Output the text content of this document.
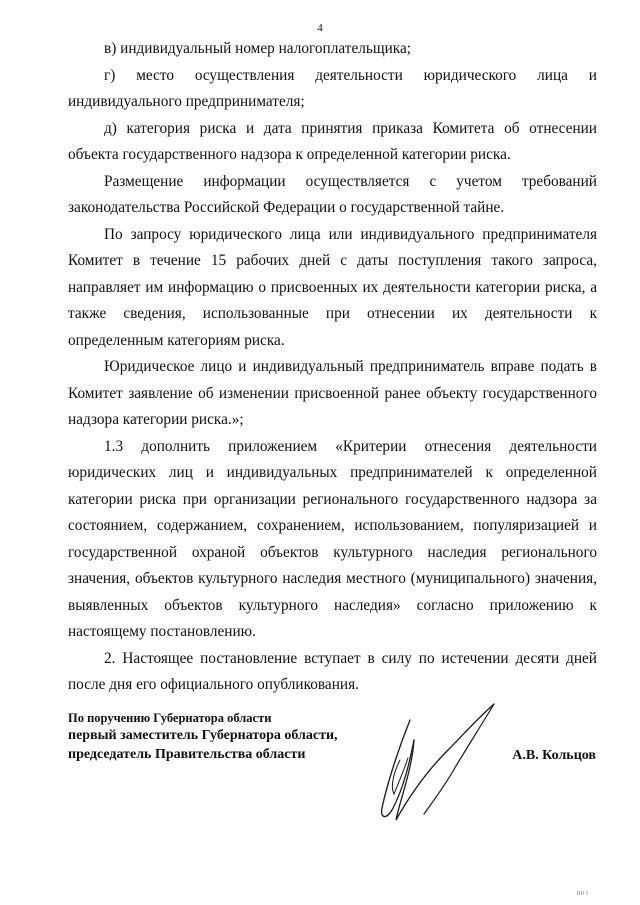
4

в) индивидуальный номер налогоплательщика;

г) место осуществления деятельности юридического лица и индивидуального предпринимателя;

д) категория риска и дата принятия приказа Комитета об отнесении объекта государственного надзора к определенной категории риска.

Размещение информации осуществляется с учетом требований законодательства Российской Федерации о государственной тайне.

По запросу юридического лица или индивидуального предпринимателя Комитет в течение 15 рабочих дней с даты поступления такого запроса, направляет им информацию о присвоенных их деятельности категории риска, а также сведения, использованные при отнесении их деятельности к определенным категориям риска.

Юридическое лицо и индивидуальный предприниматель вправе подать в Комитет заявление об изменении присвоенной ранее объекту государственного надзора категории риска.»;

1.3 дополнить приложением «Критерии отнесения деятельности юридических лиц и индивидуальных предпринимателей к определенной категории риска при организации регионального государственного надзора за состоянием, содержанием, сохранением, использованием, популяризацией и государственной охраной объектов культурного наследия регионального значения, объектов культурного наследия местного (муниципального) значения, выявленных объектов культурного наследия» согласно приложению к настоящему постановлению.

2. Настоящее постановление вступает в силу по истечении десяти дней после дня его официального опубликования.

По поручению Губернатора области
первый заместитель Губернатора области,
председатель Правительства области	А.В. Кольцов
ıııı ı
